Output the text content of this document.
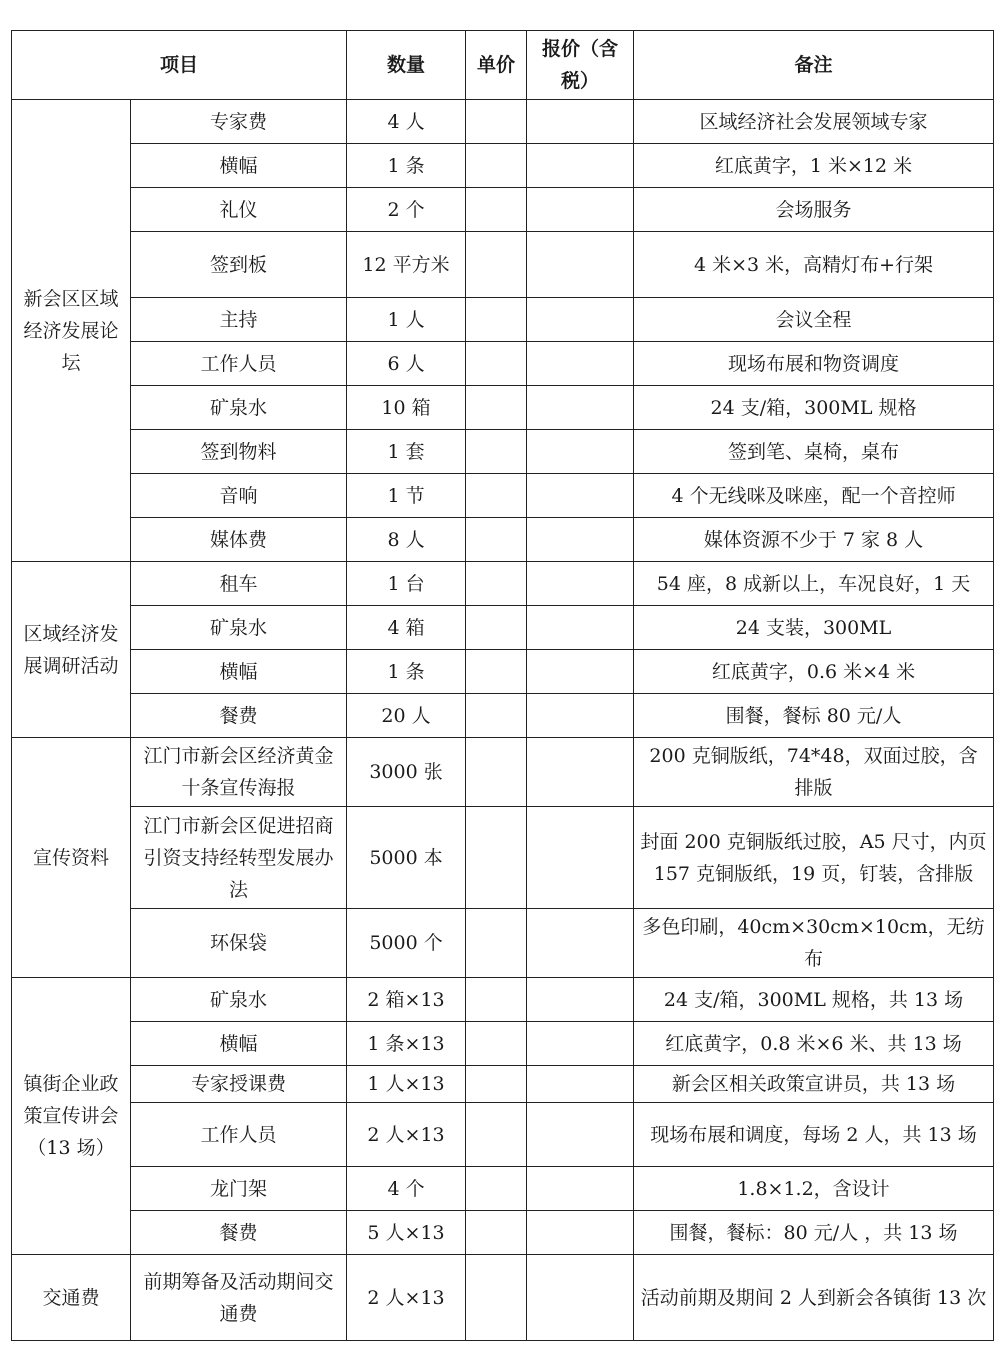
项目		数量	单价	报价（含税）	备注
新会区区域经济发展论坛	专家费	4 人			区域经济社会发展领域专家
	横幅	1 条			红底黄字，1 米×12 米
	礼仪	2 个			会场服务
	签到板	12 平方米			4 米×3 米，高精灯布+行架
	主持	1 人			会议全程
	工作人员	6 人			现场布展和物资调度
	矿泉水	10 箱			24 支/箱，300ML 规格
	签到物料	1 套			签到笔、桌椅，桌布
	音响	1 节			4 个无线咪及咪座，配一个音控师
	媒体费	8 人			媒体资源不少于 7 家 8 人
区域经济发展调研活动	租车	1 台			54 座，8 成新以上，车况良好，1 天
	矿泉水	4 箱			24 支装，300ML
	横幅	1 条			红底黄字，0.6 米×4 米
	餐费	20 人			围餐，餐标 80 元/人
宣传资料	江门市新会区经济黄金十条宣传海报	3000 张			200 克铜版纸，74*48，双面过胶，含排版
	江门市新会区促进招商引资支持经转型发展办法	5000 本			封面 200 克铜版纸过胶，A5 尺寸，内页 157 克铜版纸，19 页，钉装，含排版
	环保袋	5000 个			多色印刷，40cm×30cm×10cm，无纺布
镇街企业政策宣传讲会（13 场）	矿泉水	2 箱×13			24 支/箱，300ML 规格，共 13 场
	横幅	1 条×13			红底黄字，0.8 米×6 米、共 13 场
	专家授课费	1 人×13			新会区相关政策宣讲员，共 13 场
	工作人员	2 人×13			现场布展和调度，每场 2 人，共 13 场
	龙门架	4 个			1.8×1.2，含设计
	餐费	5 人×13			围餐，餐标：80 元/人 ，共 13 场
交通费	前期筹备及活动期间交通费	2 人×13			活动前期及期间 2 人到新会各镇街 13 次
